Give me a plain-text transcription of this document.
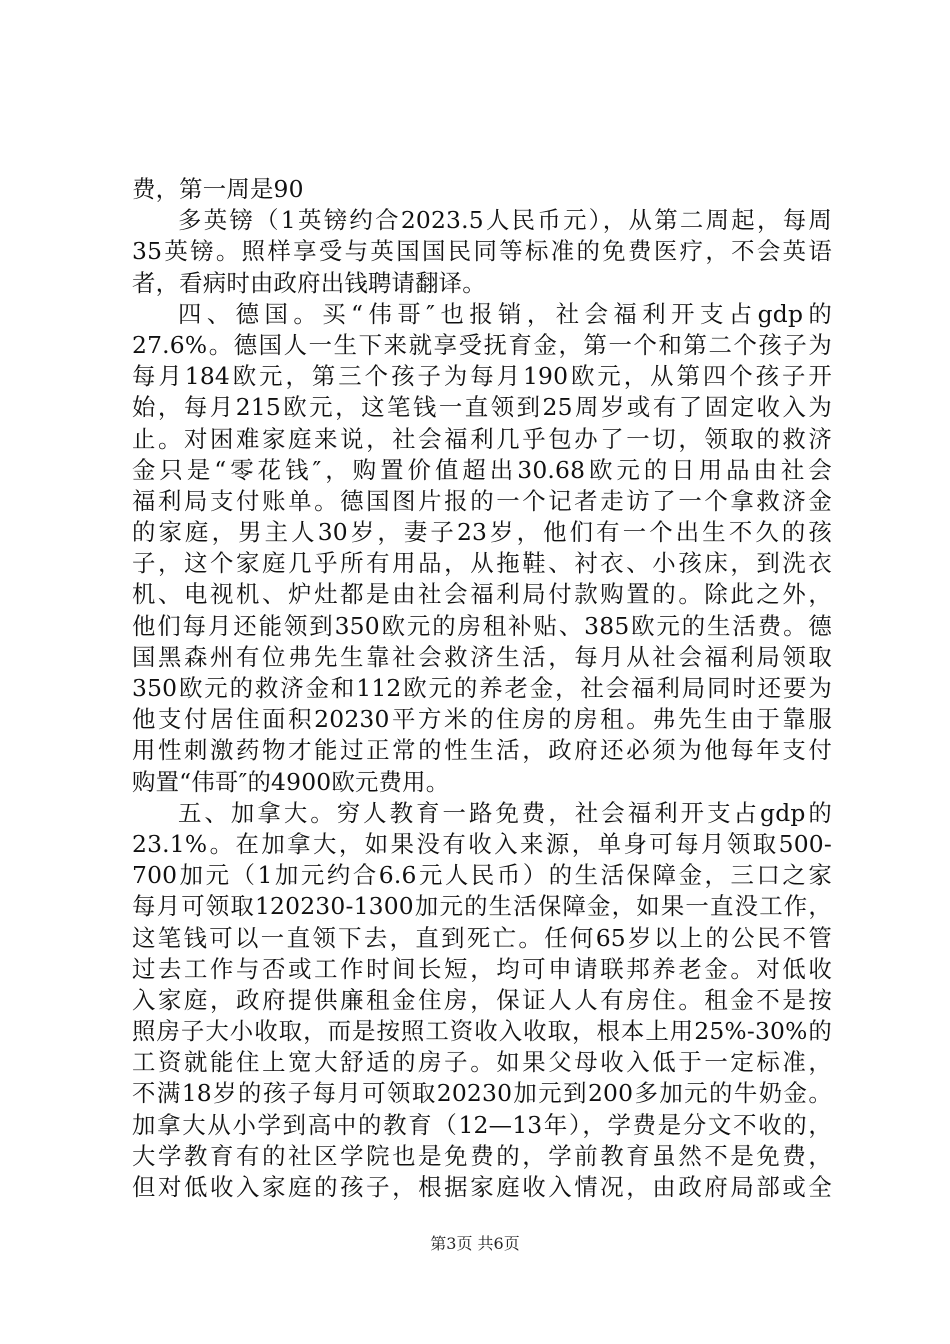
费，第一周是90
多英镑（1英镑约合2023.5人民币元），从第二周起，每周
35英镑。照样享受与英国国民同等标准的免费医疗，不会英语
者，看病时由政府出钱聘请翻译。
四、德国。买“伟哥″也报销，社会福利开支占gdp的
27.6%。德国人一生下来就享受抚育金，第一个和第二个孩子为
每月184欧元，第三个孩子为每月190欧元，从第四个孩子开
始，每月215欧元，这笔钱一直领到25周岁或有了固定收入为
止。对困难家庭来说，社会福利几乎包办了一切，领取的救济
金只是“零花钱″，购置价值超出30.68欧元的日用品由社会
福利局支付账单。德国图片报的一个记者走访了一个拿救济金
的家庭，男主人30岁，妻子23岁，他们有一个出生不久的孩
子，这个家庭几乎所有用品，从拖鞋、衬衣、小孩床，到洗衣
机、电视机、炉灶都是由社会福利局付款购置的。除此之外，
他们每月还能领到350欧元的房租补贴、385欧元的生活费。德
国黑森州有位弗先生靠社会救济生活，每月从社会福利局领取
350欧元的救济金和112欧元的养老金，社会福利局同时还要为
他支付居住面积20230平方米的住房的房租。弗先生由于靠服
用性刺激药物才能过正常的性生活，政府还必须为他每年支付
购置“伟哥″的4900欧元费用。
五、加拿大。穷人教育一路免费，社会福利开支占gdp的
23.1%。在加拿大，如果没有收入来源，单身可每月领取500-
700加元（1加元约合6.6元人民币）的生活保障金，三口之家
每月可领取120230-1300加元的生活保障金，如果一直没工作，
这笔钱可以一直领下去，直到死亡。任何65岁以上的公民不管
过去工作与否或工作时间长短，均可申请联邦养老金。对低收
入家庭，政府提供廉租金住房，保证人人有房住。租金不是按
照房子大小收取，而是按照工资收入收取，根本上用25%-30%的
工资就能住上宽大舒适的房子。如果父母收入低于一定标准，
不满18岁的孩子每月可领取20230加元到200多加元的牛奶金。
加拿大从小学到高中的教育（12—13年），学费是分文不收的，
大学教育有的社区学院也是免费的，学前教育虽然不是免费，
但对低收入家庭的孩子，根据家庭收入情况，由政府局部或全
第3页 共6页
